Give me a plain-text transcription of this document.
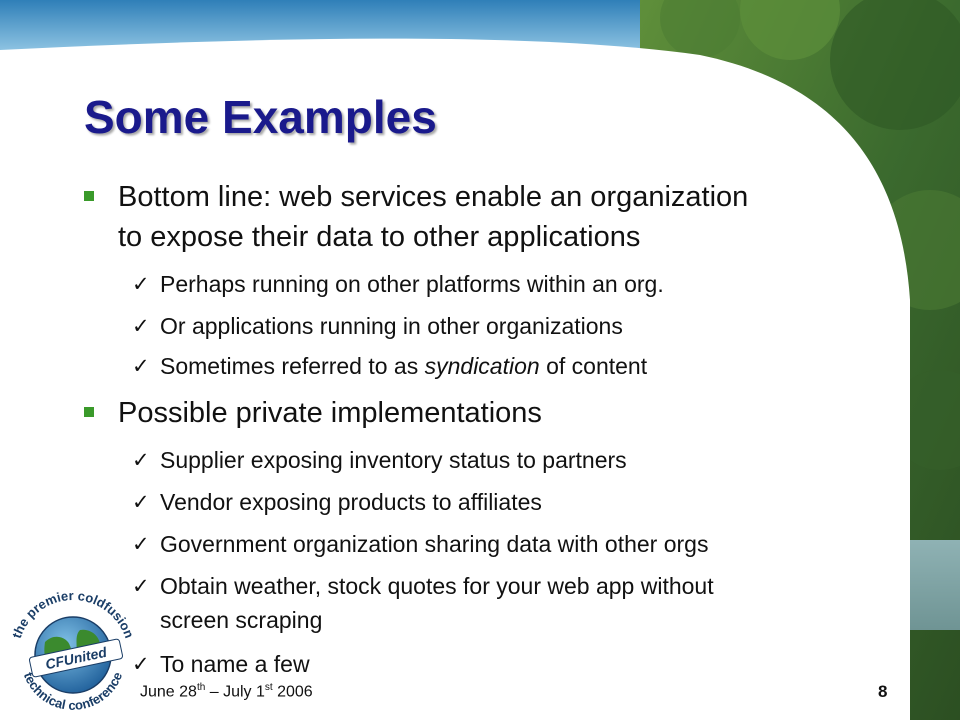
Some Examples
Bottom line: web services enable an organization
to expose their data to other applications
✓ Perhaps running on other platforms within an org.
✓ Or applications running in other organizations
✓ Sometimes referred to as syndication of content
Possible private implementations
✓ Supplier exposing inventory status to partners
✓ Vendor exposing products to affiliates
✓ Government organization sharing data with other orgs
✓ Obtain weather, stock quotes for your web app without
screen scraping
✓ To name a few
CFUnited
the premier coldfusion
technical conference
June 28th – July 1st 2006	8
